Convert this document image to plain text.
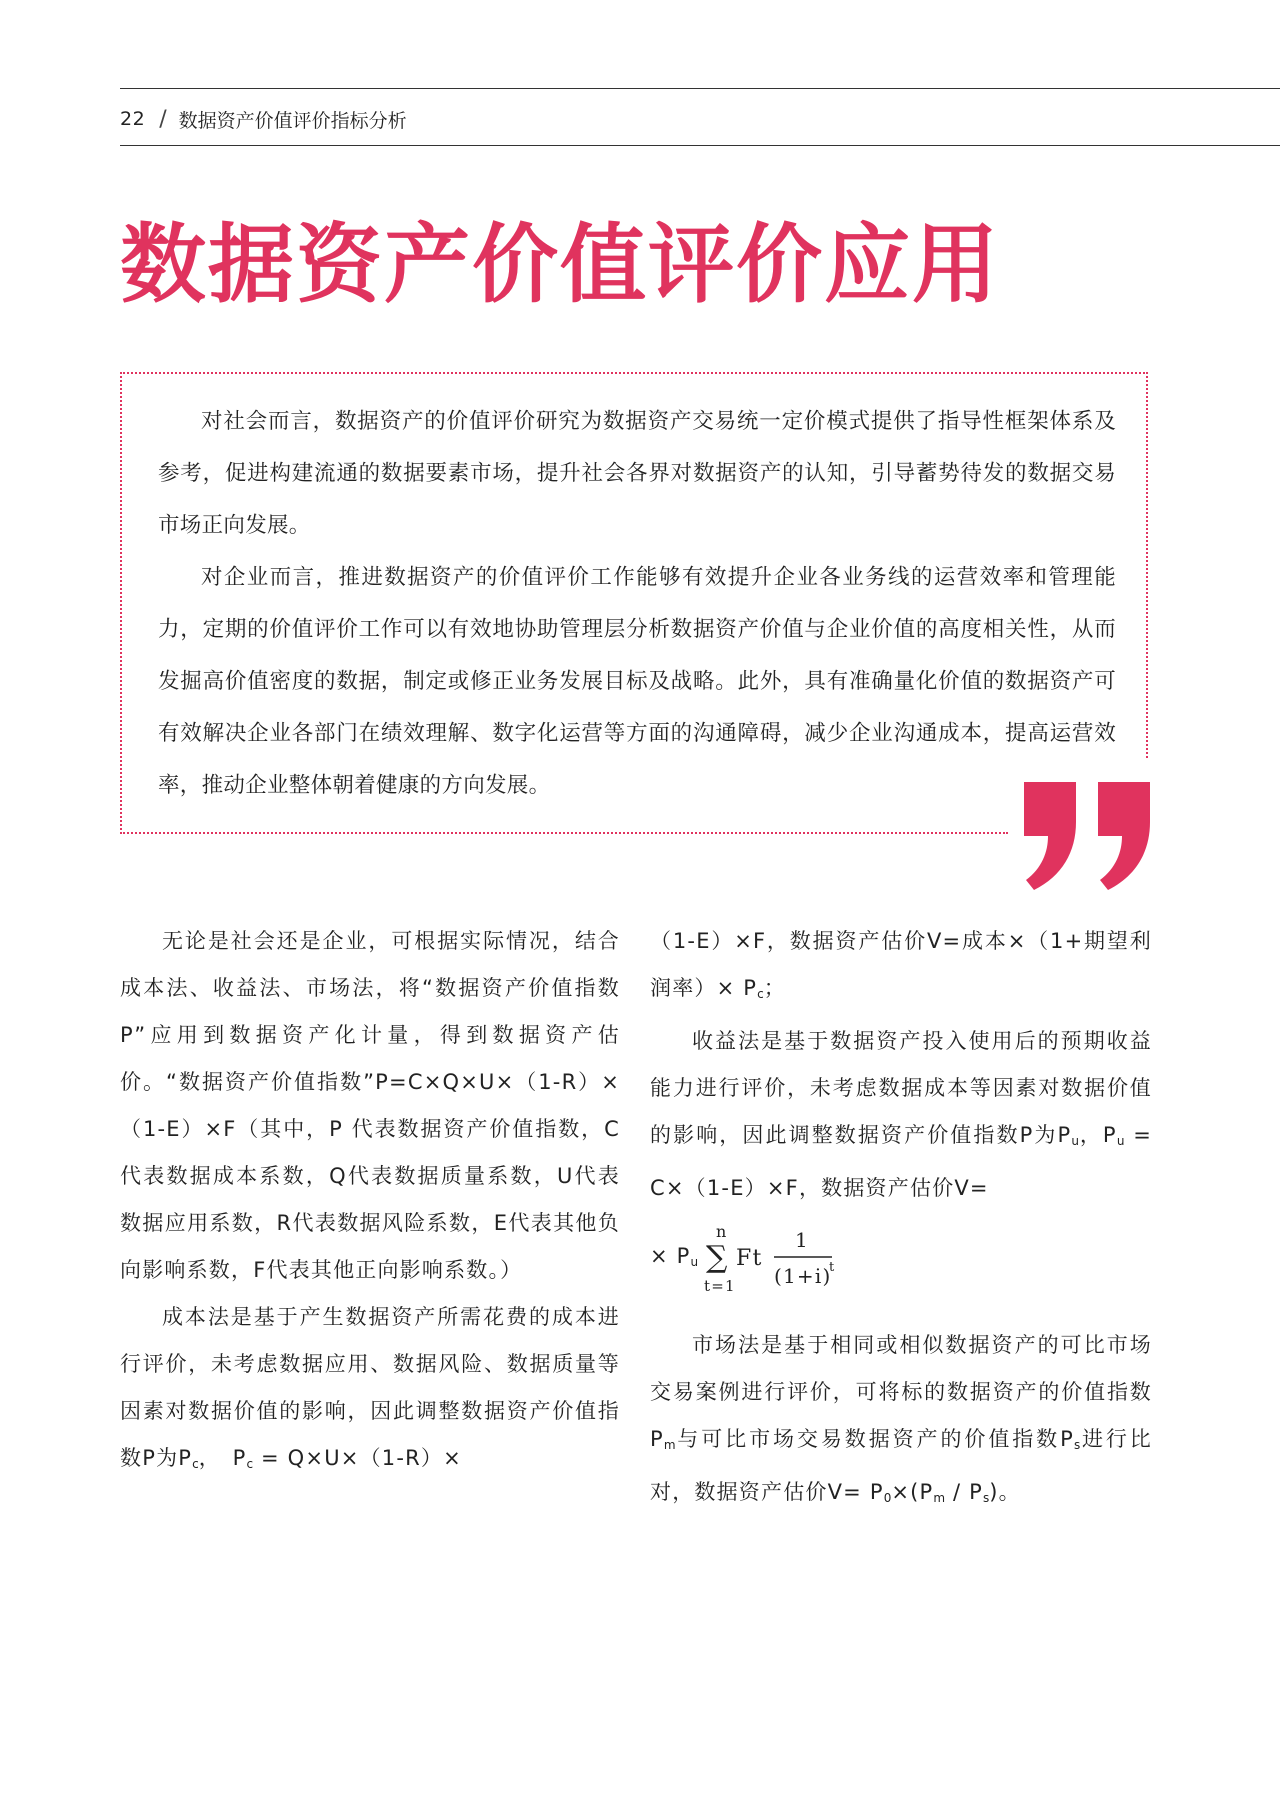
22 / 数据资产价值评价指标分析
数据资产价值评价应用

对社会而言，数据资产的价值评价研究为数据资产交易统一定价模式提供了指导性框架体系及参考，促进构建流通的数据要素市场，提升社会各界对数据资产的认知，引导蓄势待发的数据交易市场正向发展。

对企业而言，推进数据资产的价值评价工作能够有效提升企业各业务线的运营效率和管理能力，定期的价值评价工作可以有效地协助管理层分析数据资产价值与企业价值的高度相关性，从而发掘高价值密度的数据，制定或修正业务发展目标及战略。此外，具有准确量化价值的数据资产可有效解决企业各部门在绩效理解、数字化运营等方面的沟通障碍，减少企业沟通成本，提高运营效率，推动企业整体朝着健康的方向发展。

无论是社会还是企业，可根据实际情况，结合成本法、收益法、市场法，将“数据资产价值指数P”应用到数据资产化计量，得到数据资产估价。“数据资产价值指数”P=C×Q×U×（1-R）×（1-E）×F（其中，P 代表数据资产价值指数，C代表数据成本系数，Q代表数据质量系数，U代表数据应用系数，R代表数据风险系数，E代表其他负向影响系数，F代表其他正向影响系数。）

成本法是基于产生数据资产所需花费的成本进行评价，未考虑数据应用、数据风险、数据质量等因素对数据价值的影响，因此调整数据资产价值指数P为$P_c$，　$P_c = Q\times U\times(1-R)\times$

（1-E）×F，数据资产估价V=成本×（1+期望利润率）× $P_c$；

收益法是基于数据资产投入使用后的预期收益能力进行评价，未考虑数据成本等因素对数据价值的影响，因此调整数据资产价值指数P为$P_u$，$P_u = C\times(1-E)\times F$，数据资产估价V=

× $P_u$
n
∑
t=1
Ft
1
(1+i)
t

市场法是基于相同或相似数据资产的可比市场交易案例进行评价，可将标的数据资产的价值指数$P_m$与可比市场交易数据资产的价值指数$P_s$进行比对，数据资产估价$V= P_0\times(P_m / P_s)$。
